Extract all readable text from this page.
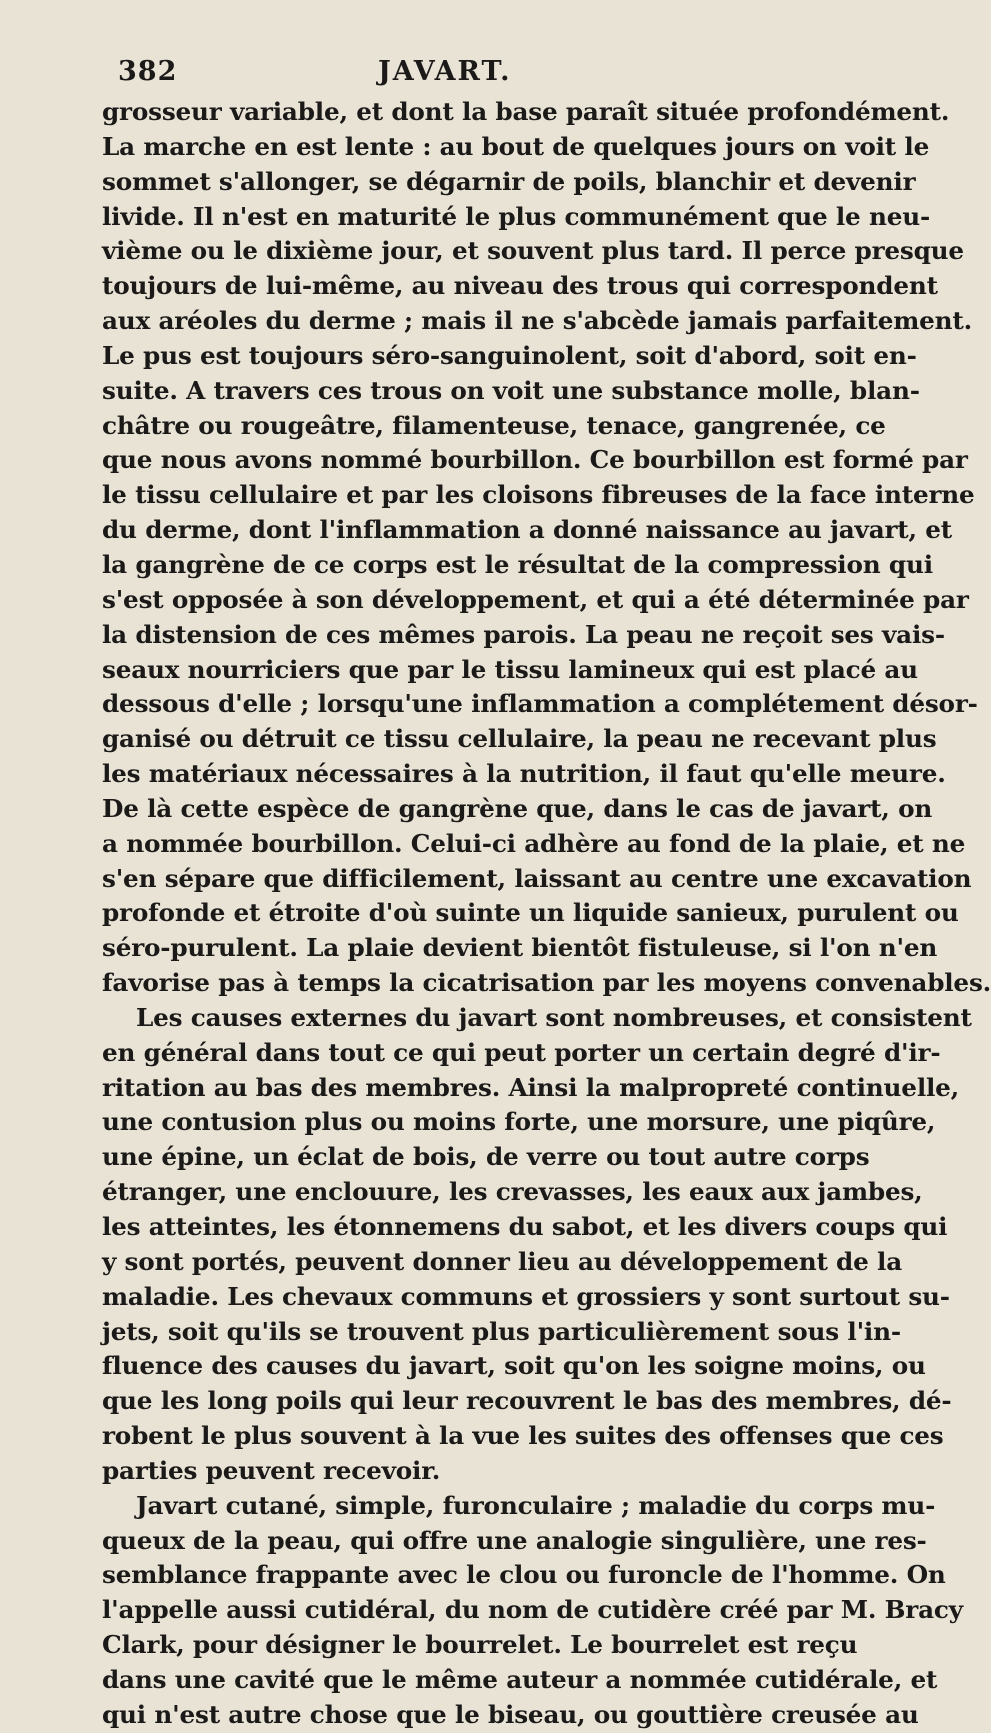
382	JAVART.
grosseur variable, et dont la base paraît située profondément.
La marche en est lente : au bout de quelques jours on voit le
sommet s'allonger, se dégarnir de poils, blanchir et devenir
livide. Il n'est en maturité le plus communément que le neu-
vième ou le dixième jour, et souvent plus tard. Il perce presque
toujours de lui-même, au niveau des trous qui correspondent
aux aréoles du derme ; mais il ne s'abcède jamais parfaitement.
Le pus est toujours séro-sanguinolent, soit d'abord, soit en-
suite. A travers ces trous on voit une substance molle, blan-
châtre ou rougeâtre, filamenteuse, tenace, gangrenée, ce
que nous avons nommé bourbillon. Ce bourbillon est formé par
le tissu cellulaire et par les cloisons fibreuses de la face interne
du derme, dont l'inflammation a donné naissance au javart, et
la gangrène de ce corps est le résultat de la compression qui
s'est opposée à son développement, et qui a été déterminée par
la distension de ces mêmes parois. La peau ne reçoit ses vais-
seaux nourriciers que par le tissu lamineux qui est placé au
dessous d'elle ; lorsqu'une inflammation a complétement désor-
ganisé ou détruit ce tissu cellulaire, la peau ne recevant plus
les matériaux nécessaires à la nutrition, il faut qu'elle meure.
De là cette espèce de gangrène que, dans le cas de javart, on
a nommée bourbillon. Celui-ci adhère au fond de la plaie, et ne
s'en sépare que difficilement, laissant au centre une excavation
profonde et étroite d'où suinte un liquide sanieux, purulent ou
séro-purulent. La plaie devient bientôt fistuleuse, si l'on n'en
favorise pas à temps la cicatrisation par les moyens convenables.
Les causes externes du javart sont nombreuses, et consistent
en général dans tout ce qui peut porter un certain degré d'ir-
ritation au bas des membres. Ainsi la malpropreté continuelle,
une contusion plus ou moins forte, une morsure, une piqûre,
une épine, un éclat de bois, de verre ou tout autre corps
étranger, une enclouure, les crevasses, les eaux aux jambes,
les atteintes, les étonnemens du sabot, et les divers coups qui
y sont portés, peuvent donner lieu au développement de la
maladie. Les chevaux communs et grossiers y sont surtout su-
jets, soit qu'ils se trouvent plus particulièrement sous l'in-
fluence des causes du javart, soit qu'on les soigne moins, ou
que les long poils qui leur recouvrent le bas des membres, dé-
robent le plus souvent à la vue les suites des offenses que ces
parties peuvent recevoir.
Javart cutané, simple, furonculaire ; maladie du corps mu-
queux de la peau, qui offre une analogie singulière, une res-
semblance frappante avec le clou ou furoncle de l'homme. On
l'appelle aussi cutidéral, du nom de cutidère créé par M. Bracy
Clark, pour désigner le bourrelet. Le bourrelet est reçu
dans une cavité que le même auteur a nommée cutidérale, et
qui n'est autre chose que le biseau, ou gouttière creusée au
